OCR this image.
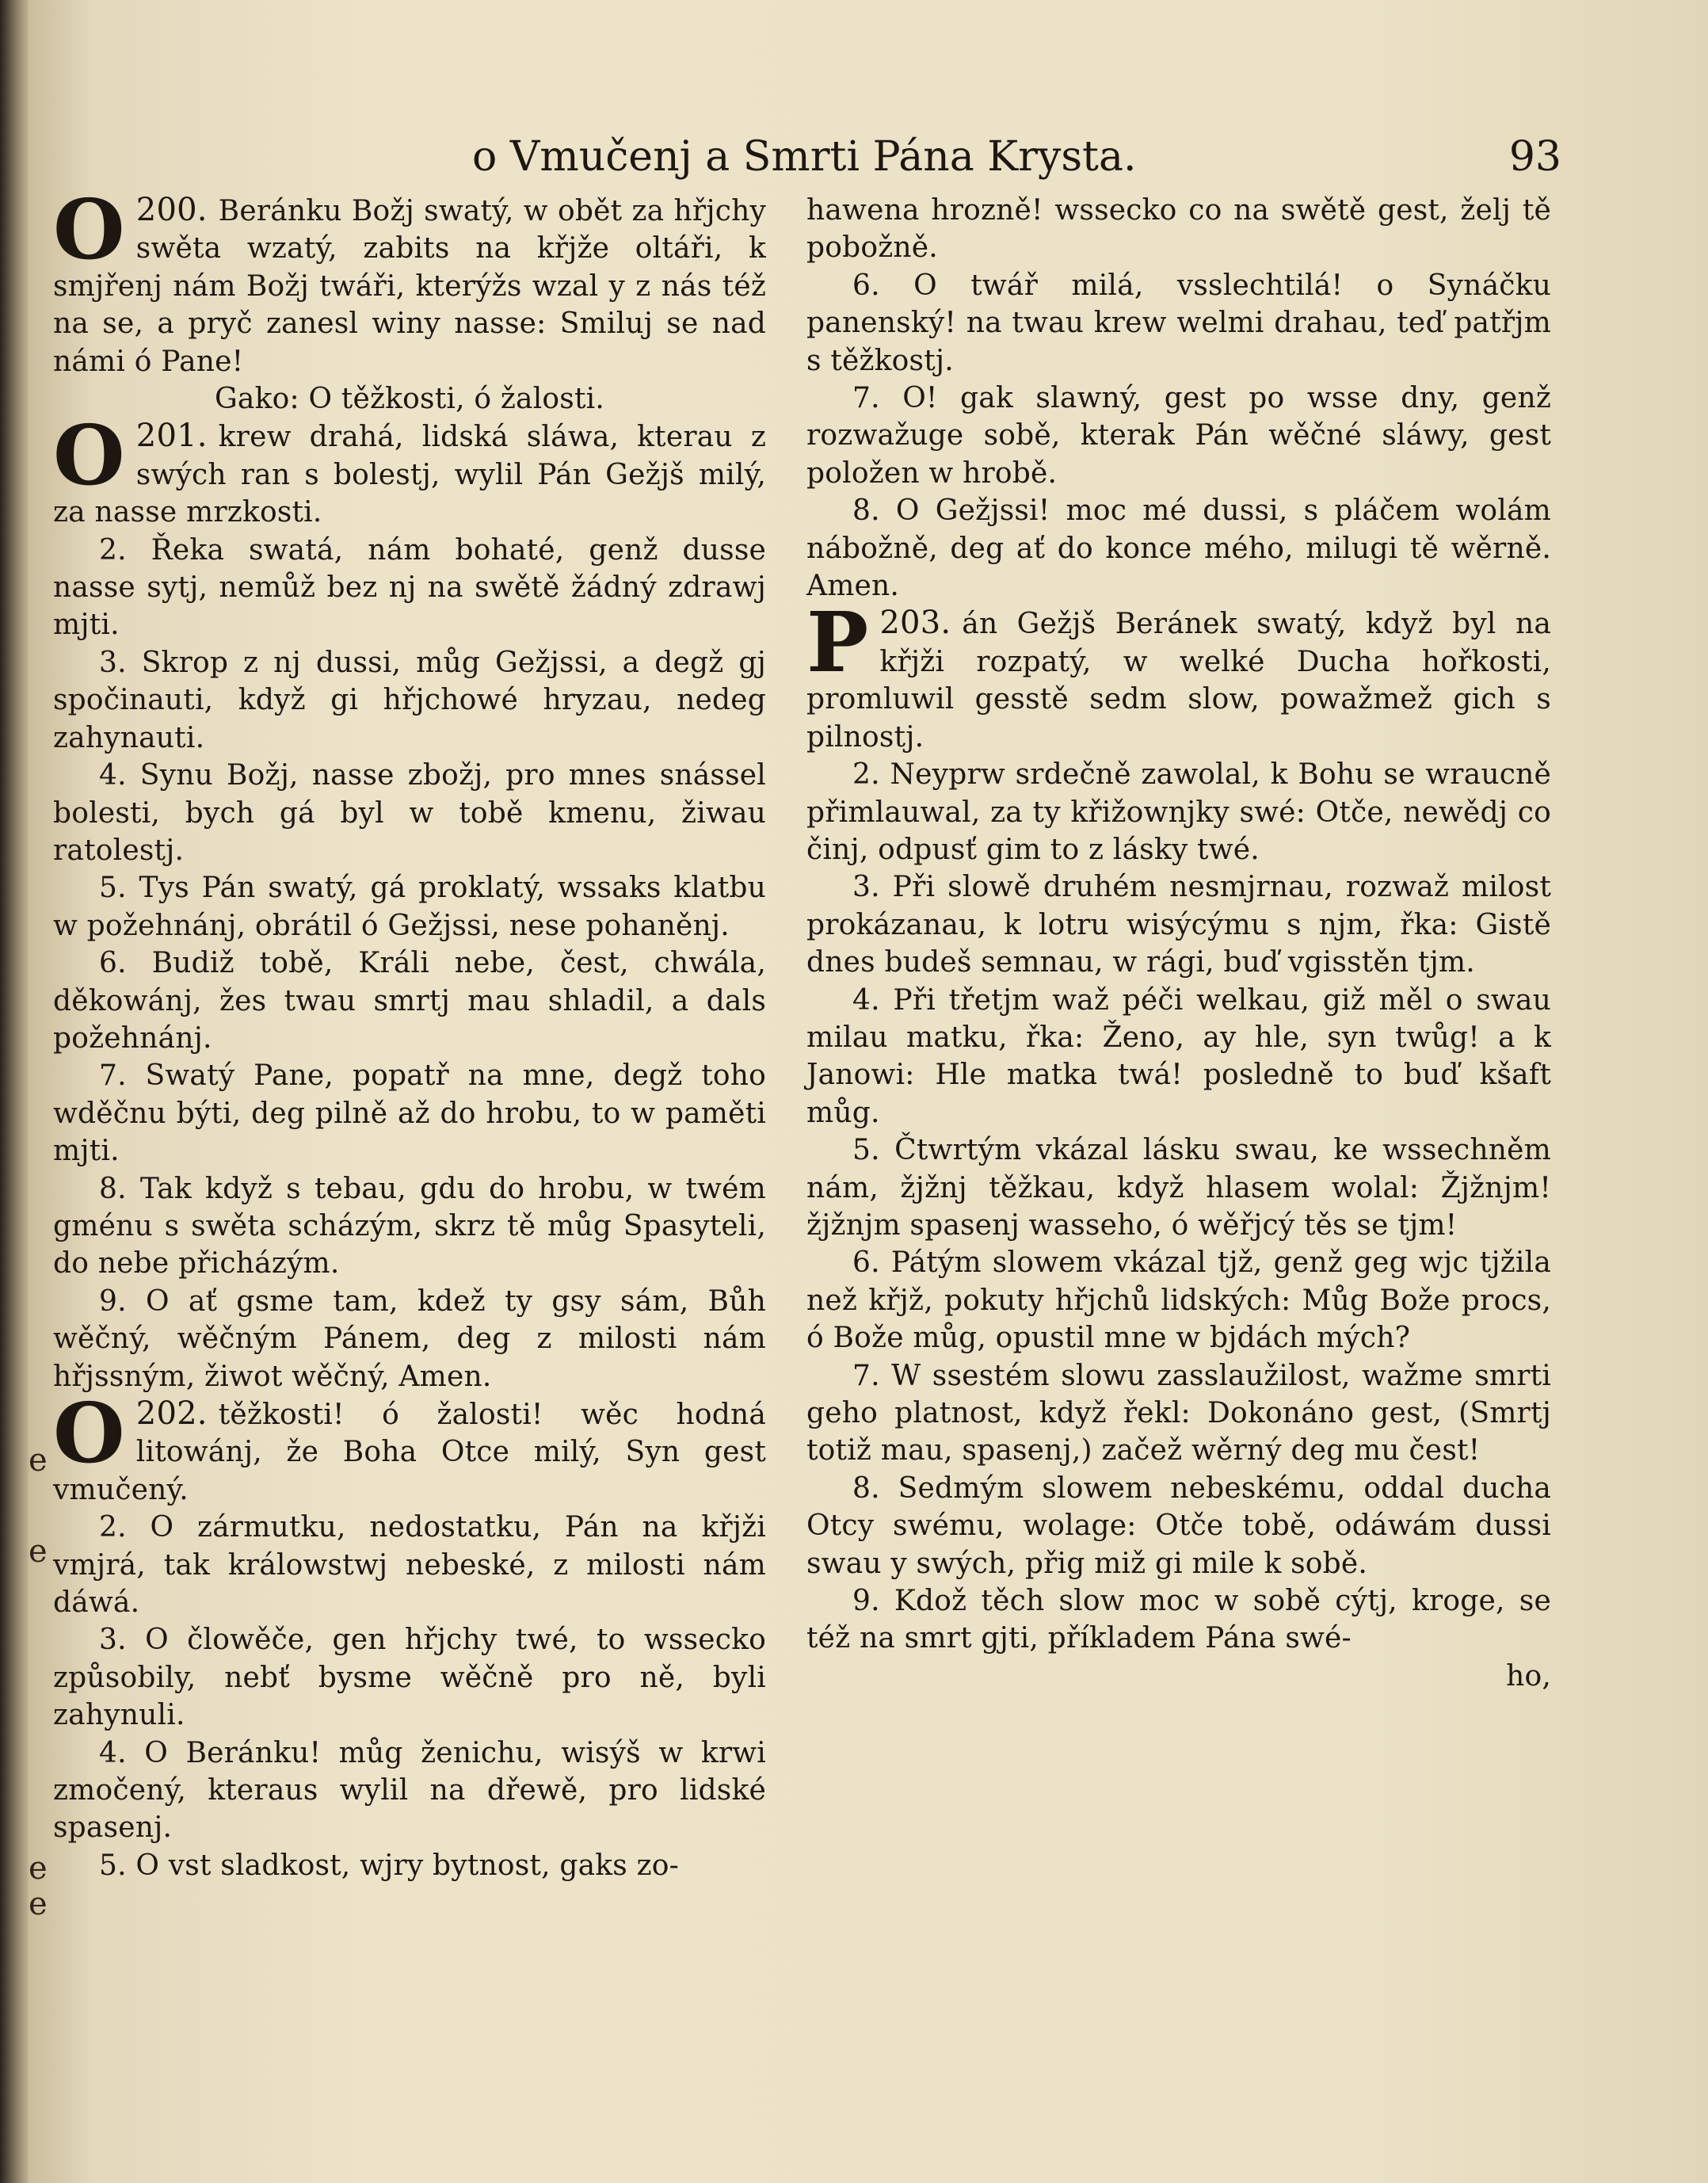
e
e
e
e
o Vmučenj a Smrti Pána Krysta.	93

200.
O	Beránku Božj swatý, w obět za hřjchy swěta wzatý, zabits na křjže oltáři, k smjřenj nám Božj twáři, kterýžs wzal y z nás též na se, a pryč zanesl winy nasse: Smiluj se nad námi ó Pane!

Gako: O těžkosti, ó žalosti.

201.
O	krew drahá, lidská sláwa, kterau z swých ran s bolestj, wylil Pán Gežjš milý, za nasse mrzkosti.

2. Řeka swatá, nám bohaté, genž dusse nasse sytj, nemůž bez nj na swětě žádný zdrawj mjti.

3. Skrop z nj dussi, můg Gežjssi, a degž gj spočinauti, když gi hřjchowé hryzau, nedeg zahynauti.

4. Synu Božj, nasse zbožj, pro mnes snássel bolesti, bych gá byl w tobě kmenu, žiwau ratolestj.

5. Tys Pán swatý, gá proklatý, wssaks klatbu w požehnánj, obrátil ó Gežjssi, nese pohaněnj.

6. Budiž tobě, Králi nebe, čest, chwála, děkowánj, žes twau smrtj mau shladil, a dals požehnánj.

7. Swatý Pane, popatř na mne, degž toho wděčnu býti, deg pilně až do hrobu, to w paměti mjti.

8. Tak když s tebau, gdu do hrobu, w twém gménu s swěta scházým, skrz tě můg Spasyteli, do nebe přicházým.

9. O ať gsme tam, kdež ty gsy sám, Bůh wěčný, wěčným Pánem, deg z milosti nám hřjssným, žiwot wěčný, Amen.

202.
O	těžkosti! ó žalosti! wěc hodná litowánj, že Boha Otce milý, Syn gest vmučený.

2. O zármutku, nedostatku, Pán na křjži vmjrá, tak králowstwj nebeské, z milosti nám dáwá.

3. O člowěče, gen hřjchy twé, to wssecko způsobily, nebť bysme wěčně pro ně, byli zahynuli.

4. O Beránku! můg ženichu, wisýš w krwi zmočený, kteraus wylil na dřewě, pro lidské spasenj.

5. O vst sladkost, wjry bytnost, gaks zo-

hawena hrozně! wssecko co na swětě gest, želj tě pobožně.

6. O twář milá, vsslechtilá! o Synáčku panenský! na twau krew welmi drahau, teď patřjm s těžkostj.

7. O! gak slawný, gest po wsse dny, genž rozwažuge sobě, kterak Pán wěčné sláwy, gest položen w hrobě.

8. O Gežjssi! moc mé dussi, s pláčem wolám nábožně, deg ať do konce mého, milugi tě wěrně. Amen.

203.
P	án Gežjš Beránek swatý, když byl na křjži rozpatý, w welké Ducha hořkosti, promluwil gesstě sedm slow, powažmež gich s pilnostj.

2. Neyprw srdečně zawolal, k Bohu se wraucně přimlauwal, za ty křižownjky swé: Otče, newědj co činj, odpusť gim to z lásky twé.

3. Při slowě druhém nesmjrnau, rozwaž milost prokázanau, k lotru wisýcýmu s njm, řka: Gistě dnes budeš semnau, w rági, buď vgisstěn tjm.

4. Při třetjm waž péči welkau, giž měl o swau milau matku, řka: Ženo, ay hle, syn twůg! a k Janowi: Hle matka twá! posledně to buď kšaft můg.

5. Čtwrtým vkázal lásku swau, ke wssechněm nám, žjžnj těžkau, když hlasem wolal: Žjžnjm! žjžnjm spasenj wasseho, ó wěřjcý těs se tjm!

6. Pátým slowem vkázal tjž, genž geg wjc tjžila než křjž, pokuty hřjchů lidských: Můg Bože procs, ó Bože můg, opustil mne w bjdách mých?

7. W ssestém slowu zasslaužilost, wažme smrti geho platnost, když řekl: Dokonáno gest, (Smrtj totiž mau, spasenj,) začež wěrný deg mu čest!

8. Sedmým slowem nebeskému, oddal ducha Otcy swému, wolage: Otče tobě, odáwám dussi swau y swých, přig miž gi mile k sobě.

9. Kdož těch slow moc w sobě cýtj, kroge, se též na smrt gjti, příkladem Pána swé-

ho,
